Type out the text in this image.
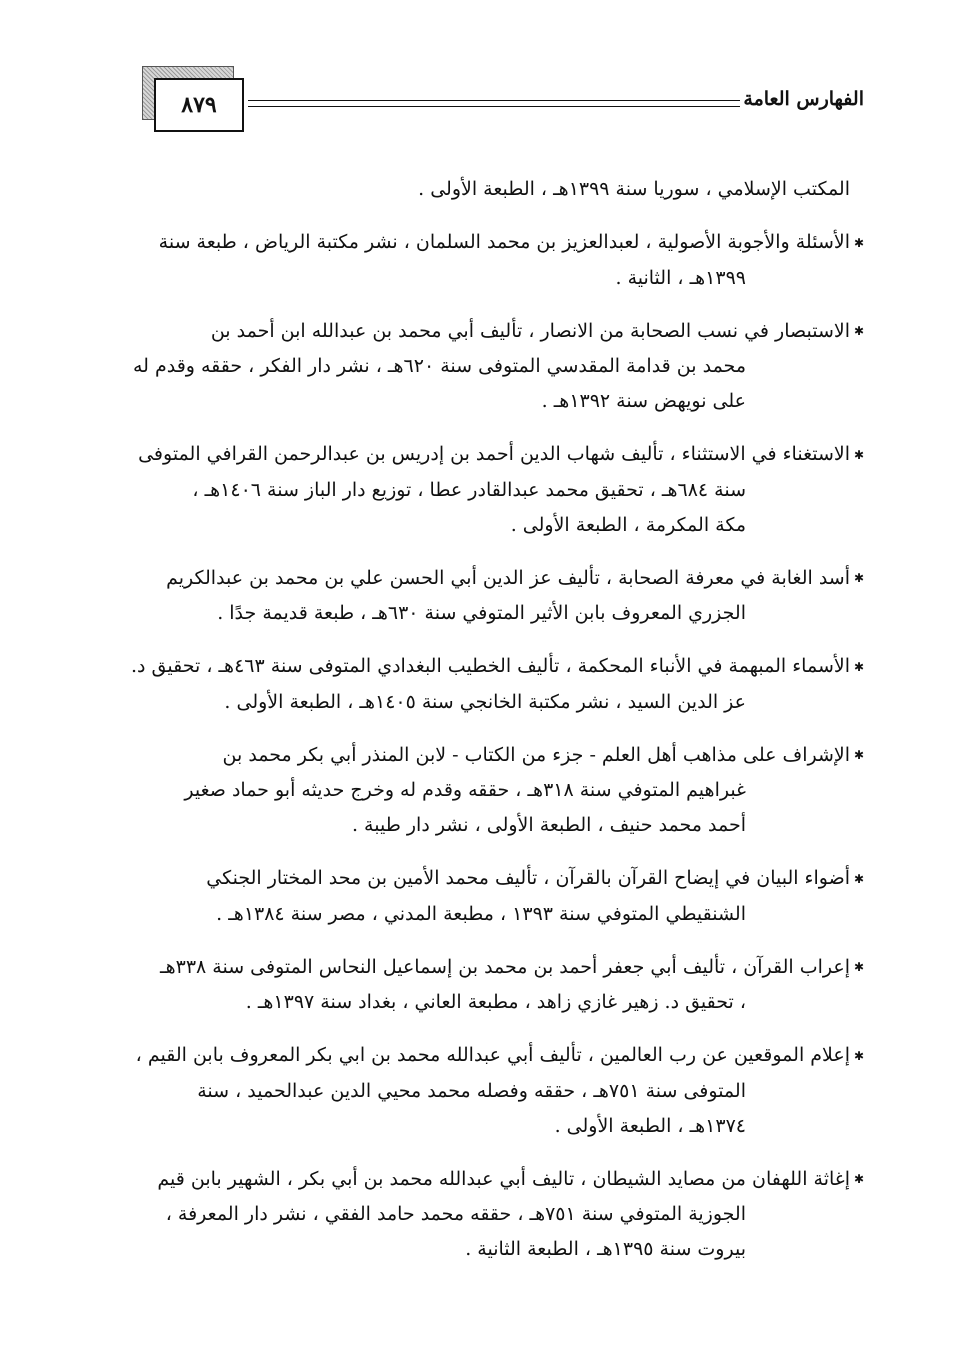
٨٧٩	الفهارس العامة

المكتب الإسلامي ، سوريا سنة ١٣٩٩هـ ، الطبعة الأولى .

✱الأسئلة والأجوبة الأصولية ، لعبدالعزيز بن محمد السلمان ، نشر مكتبة الرياض ، طبعة سنة

١٣٩٩هـ ، الثانية .

✱الاستبصار في نسب الصحابة من الانصار ، تأليف أبي محمد بن عبدالله ابن أحمد بن

محمد بن قدامة المقدسي المتوفى سنة ٦٢٠هـ ، نشر دار الفكر ، حققه وقدم له

على نويهض سنة ١٣٩٢هـ .

✱الاستغناء في الاستثناء ، تأليف شهاب الدين أحمد بن إدريس بن عبدالرحمن القرافي المتوفى

سنة ٦٨٤هـ ، تحقيق محمد عبدالقادر عطا ، توزيع دار الباز سنة ١٤٠٦هـ ،

مكة المكرمة ، الطبعة الأولى .

✱أسد الغابة في معرفة الصحابة ، تأليف عز الدين أبي الحسن علي بن محمد بن عبدالكريم

الجزري المعروف بابن الأثير المتوفي سنة ٦٣٠هـ ، طبعة قديمة جدًا .

✱الأسماء المبهمة في الأنباء المحكمة ، تأليف الخطيب البغدادي المتوفى سنة ٤٦٣هـ ، تحقيق د.

عز الدين السيد ، نشر مكتبة الخانجي سنة ١٤٠٥هـ ، الطبعة الأولى .

✱الإشراف على مذاهب أهل العلم - جزء من الكتاب - لابن المنذر أبي بكر محمد بن

غبراهيم المتوفي سنة ٣١٨هـ ، حققه وقدم له وخرج حديثه أبو حماد صغير

أحمد محمد حنيف ، الطبعة الأولى ، نشر دار طيبة .

✱أضواء البيان في إيضاح القرآن بالقرآن ، تأليف محمد الأمين بن محد المختار الجنكي

الشنقيطي المتوفي سنة ١٣٩٣ ، مطبعة المدني ، مصر سنة ١٣٨٤هـ .

✱إعراب القرآن ، تأليف أبي جعفر أحمد بن محمد بن إسماعيل النحاس المتوفى سنة ٣٣٨هـ

، تحقيق د. زهير غازي زاهد ، مطبعة العاني ، بغداد سنة ١٣٩٧هـ .

✱إعلام الموقعين عن رب العالمين ، تأليف أبي عبدالله محمد بن ابي بكر المعروف بابن القيم ،

المتوفى سنة ٧٥١هـ ، حققه وفصله محمد محيي الدين عبدالحميد ، سنة

١٣٧٤هـ ، الطبعة الأولى .

✱إغاثة اللهفان من مصايد الشيطان ، تاليف أبي عبدالله محمد بن أبي بكر ، الشهير بابن قيم

الجوزية المتوفي سنة ٧٥١هـ ، حققه محمد حامد الفقي ، نشر دار المعرفة ،

بيروت سنة ١٣٩٥هـ ، الطبعة الثانية .
